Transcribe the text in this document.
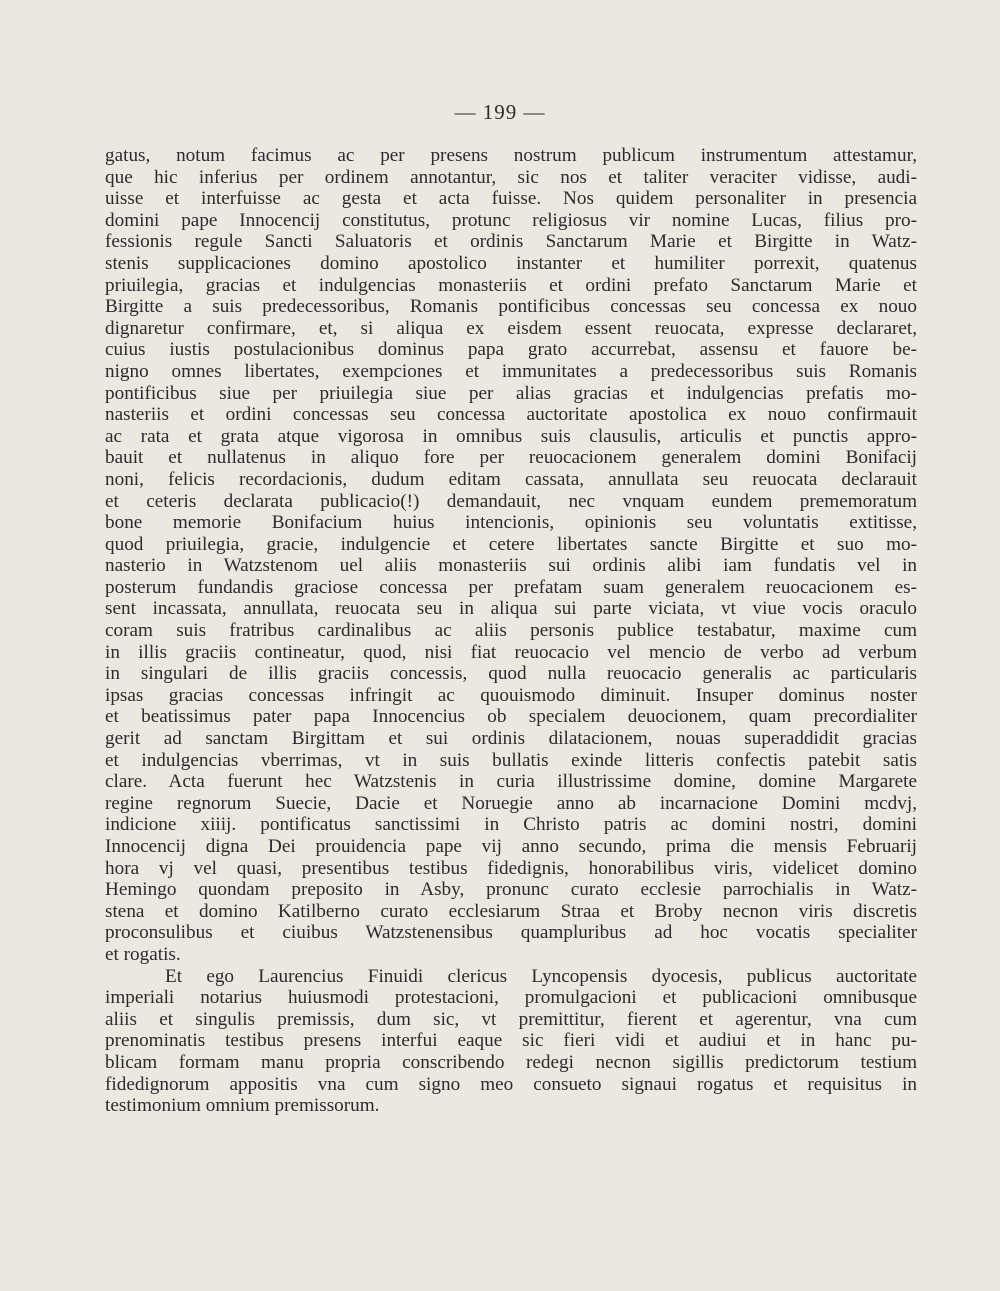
— 199 —
gatus, notum facimus ac per presens nostrum publicum instrumentum attestamur,
que hic inferius per ordinem annotantur, sic nos et taliter veraciter vidisse, audi-
uisse et interfuisse ac gesta et acta fuisse. Nos quidem personaliter in presencia
domini pape Innocencij constitutus, protunc religiosus vir nomine Lucas, filius pro-
fessionis regule Sancti Saluatoris et ordinis Sanctarum Marie et Birgitte in Watz-
stenis supplicaciones domino apostolico instanter et humiliter porrexit, quatenus
priuilegia, gracias et indulgencias monasteriis et ordini prefato Sanctarum Marie et
Birgitte a suis predecessoribus, Romanis pontificibus concessas seu concessa ex nouo
dignaretur confirmare, et, si aliqua ex eisdem essent reuocata, expresse declararet,
cuius iustis postulacionibus dominus papa grato accurrebat, assensu et fauore be-
nigno omnes libertates, exempciones et immunitates a predecessoribus suis Romanis
pontificibus siue per priuilegia siue per alias gracias et indulgencias prefatis mo-
nasteriis et ordini concessas seu concessa auctoritate apostolica ex nouo confirmauit
ac rata et grata atque vigorosa in omnibus suis clausulis, articulis et punctis appro-
bauit et nullatenus in aliquo fore per reuocacionem generalem domini Bonifacij
noni, felicis recordacionis, dudum editam cassata, annullata seu reuocata declarauit
et ceteris declarata publicacio(!) demandauit, nec vnquam eundem prememoratum
bone memorie Bonifacium huius intencionis, opinionis seu voluntatis extitisse,
quod priuilegia, gracie, indulgencie et cetere libertates sancte Birgitte et suo mo-
nasterio in Watzstenom uel aliis monasteriis sui ordinis alibi iam fundatis vel in
posterum fundandis graciose concessa per prefatam suam generalem reuocacionem es-
sent incassata, annullata, reuocata seu in aliqua sui parte viciata, vt viue vocis oraculo
coram suis fratribus cardinalibus ac aliis personis publice testabatur, maxime cum
in illis graciis contineatur, quod, nisi fiat reuocacio vel mencio de verbo ad verbum
in singulari de illis graciis concessis, quod nulla reuocacio generalis ac particularis
ipsas gracias concessas infringit ac quouismodo diminuit. Insuper dominus noster
et beatissimus pater papa Innocencius ob specialem deuocionem, quam precordialiter
gerit ad sanctam Birgittam et sui ordinis dilatacionem, nouas superaddidit gracias
et indulgencias vberrimas, vt in suis bullatis exinde litteris confectis patebit satis
clare. Acta fuerunt hec Watzstenis in curia illustrissime domine, domine Margarete
regine regnorum Suecie, Dacie et Noruegie anno ab incarnacione Domini mcdvj,
indicione xiiij. pontificatus sanctissimi in Christo patris ac domini nostri, domini
Innocencij digna Dei prouidencia pape vij anno secundo, prima die mensis Februarij
hora vj vel quasi, presentibus testibus fidedignis, honorabilibus viris, videlicet domino
Hemingo quondam preposito in Asby, pronunc curato ecclesie parrochialis in Watz-
stena et domino Katilberno curato ecclesiarum Straa et Broby necnon viris discretis
proconsulibus et ciuibus Watzstenensibus quampluribus ad hoc vocatis specialiter
et rogatis.
Et ego Laurencius Finuidi clericus Lyncopensis dyocesis, publicus auctoritate
imperiali notarius huiusmodi protestacioni, promulgacioni et publicacioni omnibusque
aliis et singulis premissis, dum sic, vt premittitur, fierent et agerentur, vna cum
prenominatis testibus presens interfui eaque sic fieri vidi et audiui et in hanc pu-
blicam formam manu propria conscribendo redegi necnon sigillis predictorum testium
fidedignorum appositis vna cum signo meo consueto signaui rogatus et requisitus in
testimonium omnium premissorum.
